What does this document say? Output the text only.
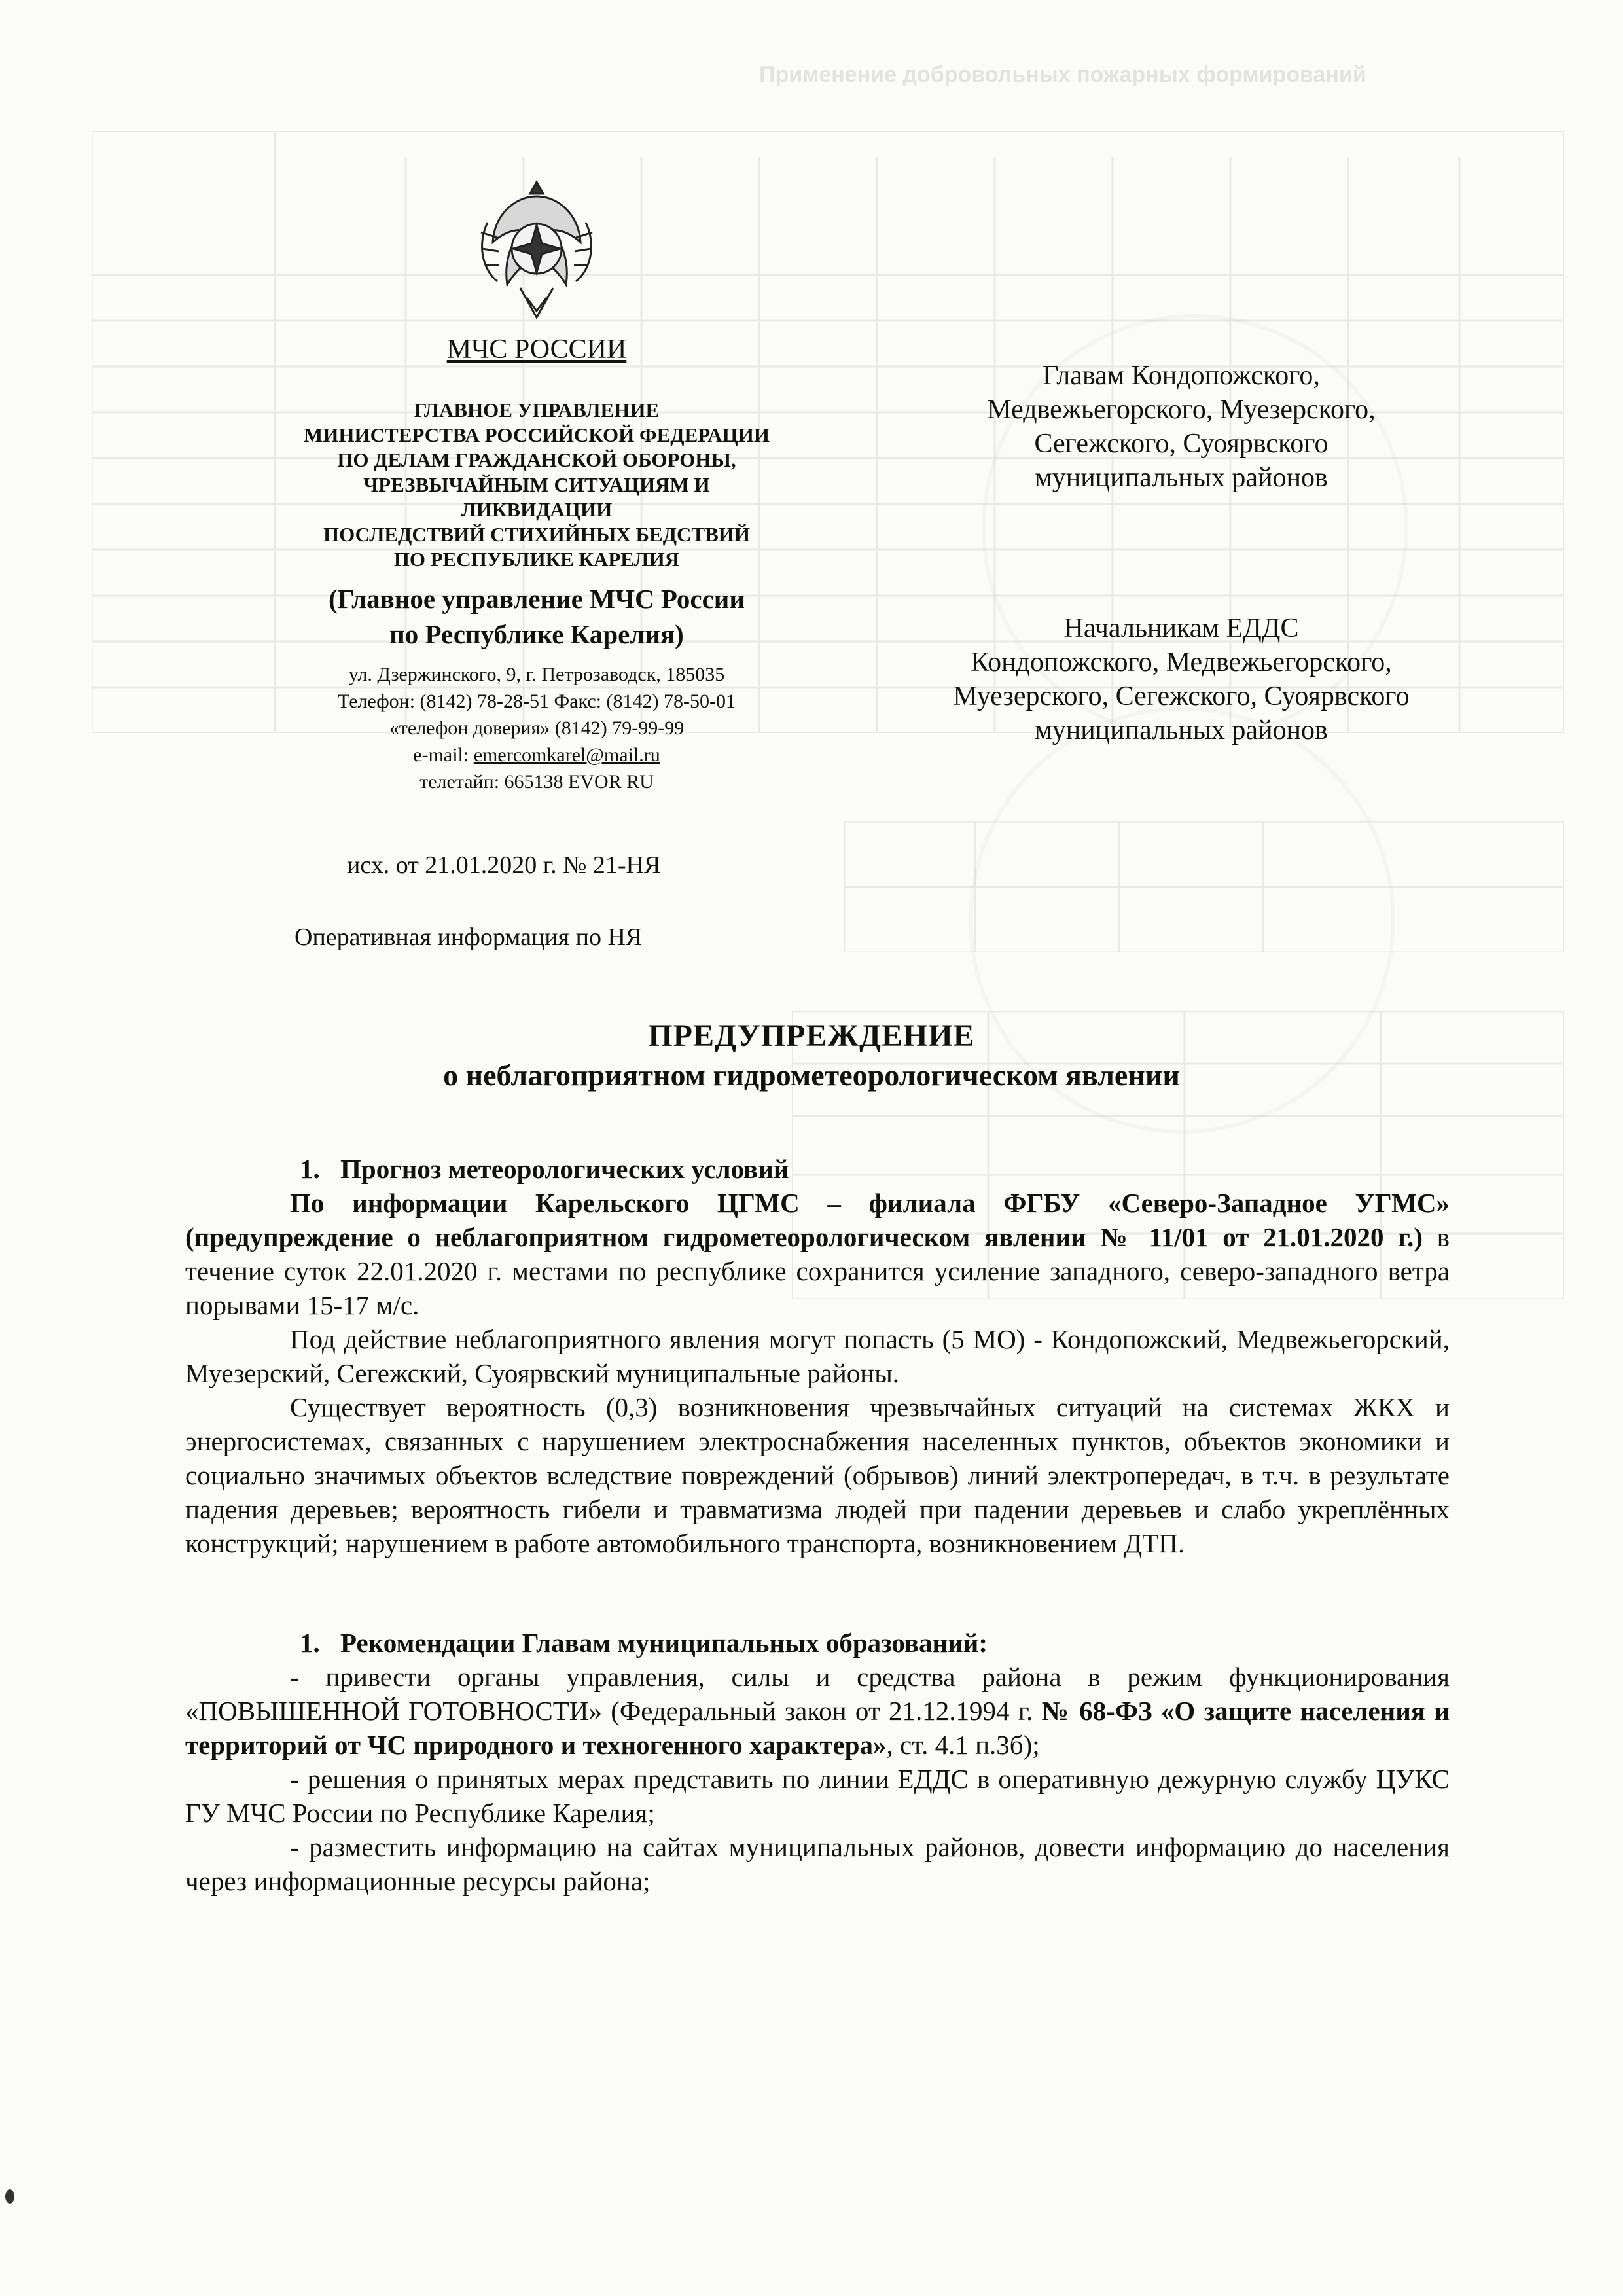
Применение добровольных пожарных формирований
МЧС РОССИИ
ГЛАВНОЕ УПРАВЛЕНИЕ
МИНИСТЕРСТВА РОССИЙСКОЙ ФЕДЕРАЦИИ
ПО ДЕЛАМ ГРАЖДАНСКОЙ ОБОРОНЫ,
ЧРЕЗВЫЧАЙНЫМ СИТУАЦИЯМ И
ЛИКВИДАЦИИ
ПОСЛЕДСТВИЙ СТИХИЙНЫХ БЕДСТВИЙ
ПО РЕСПУБЛИКЕ КАРЕЛИЯ
(Главное управление МЧС России
по Республике Карелия)
ул. Дзержинского, 9, г. Петрозаводск, 185035
Телефон: (8142) 78-28-51 Факс: (8142) 78-50-01
«телефон доверия» (8142) 79-99-99
e-mail: emercomkarel@mail.ru
телетайп: 665138 EVOR RU
исх. от 21.01.2020 г. № 21-НЯ
Оперативная информация по НЯ
Главам Кондопожского,
Медвежьегорского, Муезерского,
Сегежского, Суоярвского
муниципальных районов
Начальникам ЕДДС
Кондопожского, Медвежьегорского,
Муезерского, Сегежского, Суоярвского
муниципальных районов
ПРЕДУПРЕЖДЕНИЕ
о неблагоприятном гидрометеорологическом явлении

1. Прогноз метеорологических условий

По информации Карельского ЦГМС – филиала ФГБУ «Северо-Западное УГМС» (предупреждение о неблагоприятном гидрометеорологическом явлении № 11/01 от 21.01.2020 г.) в течение суток 22.01.2020 г. местами по республике сохранится усиление западного, северо-западного ветра порывами 15-17 м/с.

Под действие неблагоприятного явления могут попасть (5 МО) - Кондопожский, Медвежьегорский, Муезерский, Сегежский, Суоярвский муниципальные районы.

Существует вероятность (0,3) возникновения чрезвычайных ситуаций на системах ЖКХ и энергосистемах, связанных с нарушением электроснабжения населенных пунктов, объектов экономики и социально значимых объектов вследствие повреждений (обрывов) линий электропередач, в т.ч. в результате падения деревьев; вероятность гибели и травматизма людей при падении деревьев и слабо укреплённых конструкций; нарушением в работе автомобильного транспорта, возникновением ДТП.

1. Рекомендации Главам муниципальных образований:

- привести органы управления, силы и средства района в режим функционирования «ПОВЫШЕННОЙ ГОТОВНОСТИ» (Федеральный закон от 21.12.1994 г. № 68-ФЗ «О защите населения и территорий от ЧС природного и техногенного характера», ст. 4.1 п.3б);

- решения о принятых мерах представить по линии ЕДДС в оперативную дежурную службу ЦУКС ГУ МЧС России по Республике Карелия;

- разместить информацию на сайтах муниципальных районов, довести информацию до населения через информационные ресурсы района;
